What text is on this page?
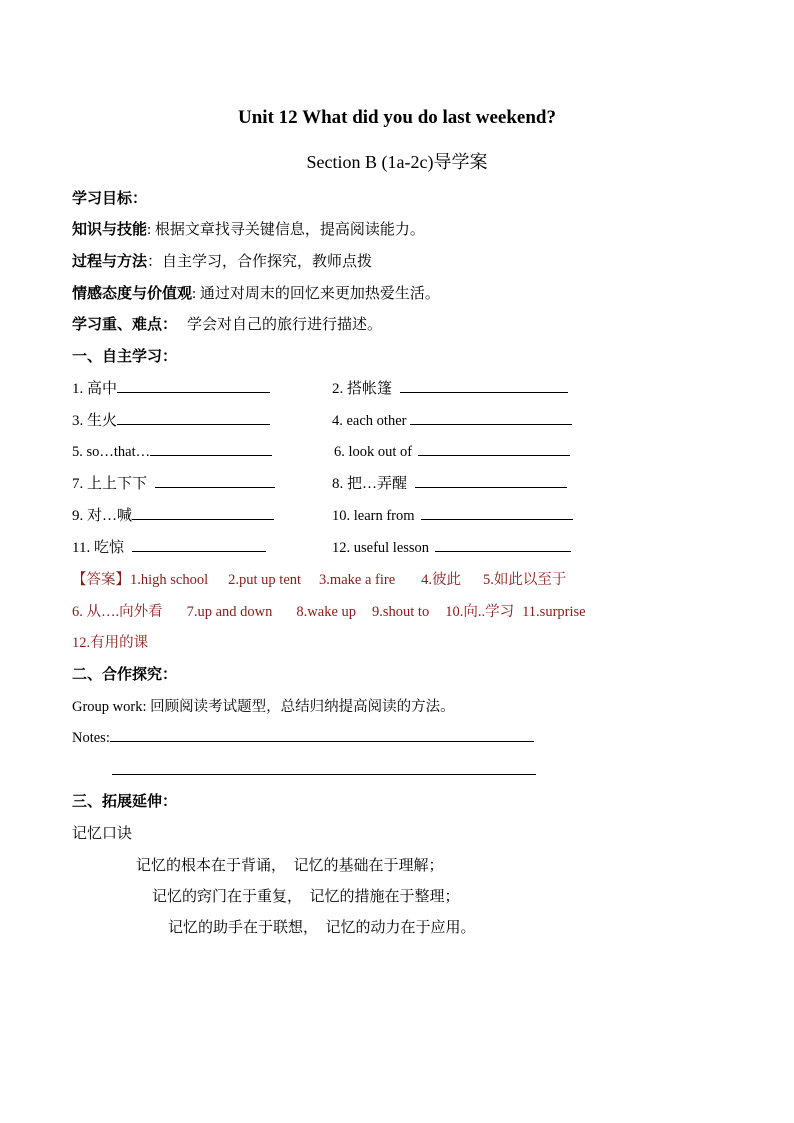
Unit 12 What did you do last weekend?
Section B (1a-2c)导学案
学习目标：
知识与技能: 根据文章找寻关键信息，提高阅读能力。
过程与方法：自主学习，合作探究，教师点拨
情感态度与价值观: 通过对周末的回忆来更加热爱生活。
学习重、难点： 学会对自己的旅行进行描述。
一、自主学习：
1. 高中	2. 搭帐篷
3. 生火	4. each other
5. so…that…	6. look out of
7. 上上下下	8. 把…弄醒
9. 对…喊	10. learn from
11. 吃惊	12. useful lesson
【答案】1.high school 2.put up tent 3.make a fire 4.彼此 5.如此以至于
6. 从….向外看 7.up and down 8.wake up 9.shout to 10.向..学习 11.surprise
12.有用的课
二、合作探究：
Group work: 回顾阅读考试题型，总结归纳提高阅读的方法。
Notes:
三、拓展延伸：
记忆口诀
记忆的根本在于背诵，  记忆的基础在于理解；
记忆的窍门在于重复，  记忆的措施在于整理；
记忆的助手在于联想，  记忆的动力在于应用。
